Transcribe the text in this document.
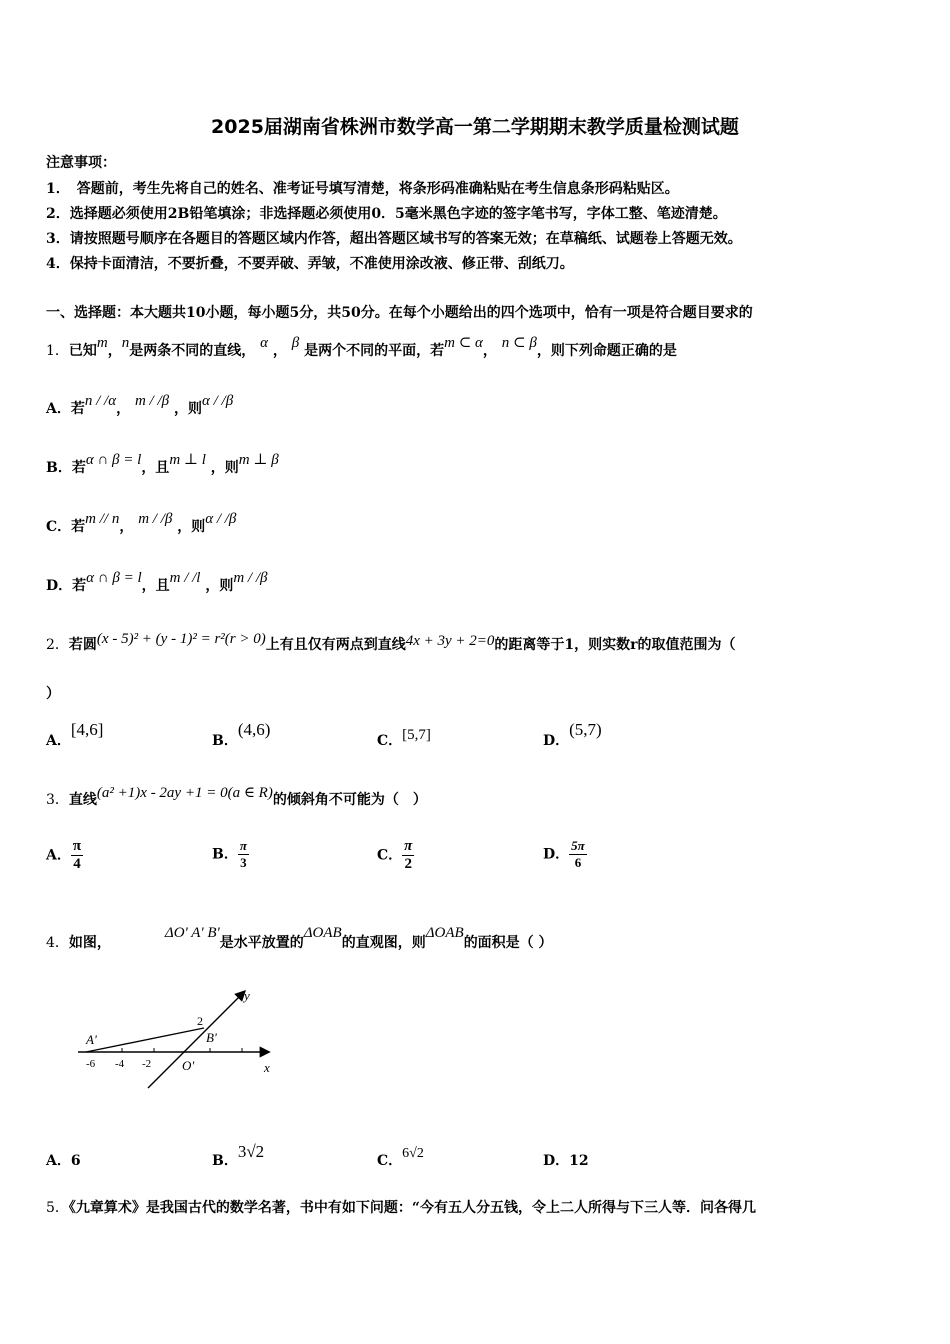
2025届湖南省株洲市数学高一第二学期期末教学质量检测试题
注意事项：
1．　答题前，考生先将自己的姓名、准考证号填写清楚，将条形码准确粘贴在考生信息条形码粘贴区。
2．选择题必须使用2B铅笔填涂；非选择题必须使用0．5毫米黑色字迹的签字笔书写，字体工整、笔迹清楚。
3．请按照题号顺序在各题目的答题区域内作答，超出答题区域书写的答案无效；在草稿纸、试题卷上答题无效。
4．保持卡面清洁，不要折叠，不要弄破、弄皱，不准使用涂改液、修正带、刮纸刀。
一、选择题：本大题共10小题，每小题5分，共50分。在每个小题给出的四个选项中，恰有一项是符合题目要求的
1．已知m，n是两条不同的直线， α ， β 是两个不同的平面，若m ⊂ α， n ⊂ β，则下列命题正确的是
A．若n / /α， m / /β ，则α / /β
B．若α ∩ β = l，且m ⊥ l ，则m ⊥ β
C．若m // n， m / /β ，则α / /β
D．若α ∩ β = l，且m / /l ，则m / /β
2．若圆(x - 5)² + (y - 1)² = r²(r > 0)上有且仅有两点到直线4x + 3y + 2=0的距离等于1，则实数r的取值范围为（
）
A．[4,6]
B．(4,6)
C．[5,7]	D．(5,7)
3．直线(a² +1)x - 2ay +1 = 0(a ∈ R)的倾斜角不可能为（　）
A． $\frac{\pi}{4}$	B． $\frac{\pi}{3}$	C． $\frac{\pi}{2}$	D． $\frac{5\pi}{6}$
4．如图，ΔO' A' B'是水平放置的ΔOAB的直观图，则ΔOAB的面积是（ ）
A'	B'
O'	x
y
2
-6 -4 -2
A．6	B．3√2	C．6√2	D．12
5．《九章算术》是我国古代的数学名著，书中有如下问题：“今有五人分五钱，令上二人所得与下三人等．问各得几
